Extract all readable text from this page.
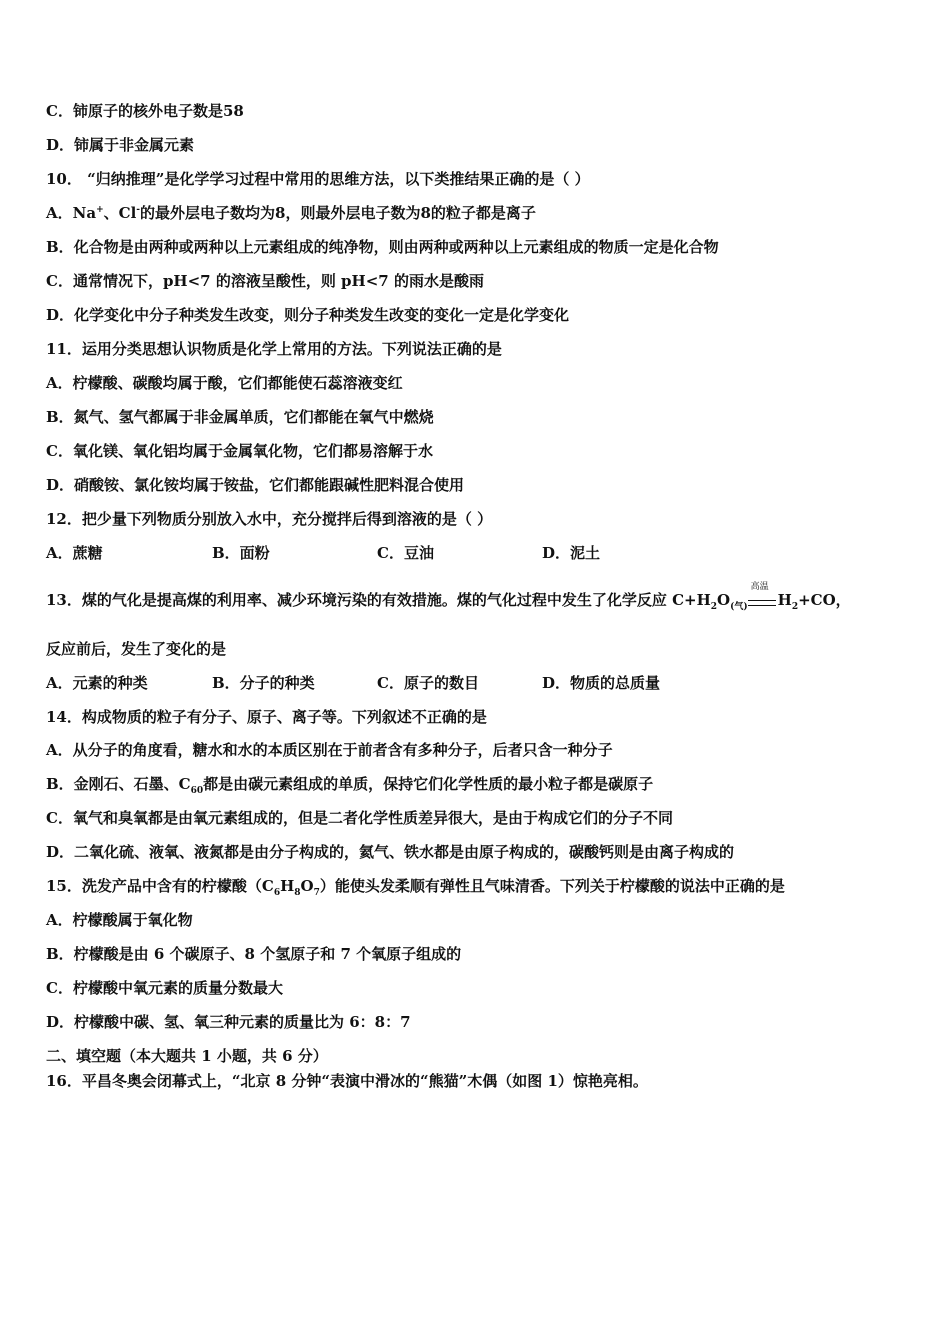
C．铈原子的核外电子数是58
D．铈属于非金属元素
10． “归纳推理”是化学学习过程中常用的思维方法，以下类推结果正确的是（ ）
A．Na+、Cl-的最外层电子数均为8，则最外层电子数为8的粒子都是离子
B．化合物是由两种或两种以上元素组成的纯净物，则由两种或两种以上元素组成的物质一定是化合物
C．通常情况下，pH<7 的溶液呈酸性，则 pH<7 的雨水是酸雨
D．化学变化中分子种类发生改变，则分子种类发生改变的变化一定是化学变化
11．运用分类思想认识物质是化学上常用的方法。下列说法正确的是
A．柠檬酸、碳酸均属于酸，它们都能使石蕊溶液变红
B．氮气、氢气都属于非金属单质，它们都能在氧气中燃烧
C．氧化镁、氧化铝均属于金属氧化物，它们都易溶解于水
D．硝酸铵、氯化铵均属于铵盐，它们都能跟碱性肥料混合使用
12．把少量下列物质分别放入水中，充分搅拌后得到溶液的是（ ）
A．蔗糖	B．面粉	C．豆油	D．泥土
13．煤的气化是提高煤的利用率、减少环境污染的有效措施。煤的气化过程中发生了化学反应 $C+H_2O_{(气)}$
高温
$H_2+CO$，
反应前后，发生了变化的是
A．元素的种类	B．分子的种类	C．原子的数目	D．物质的总质量
14．构成物质的粒子有分子、原子、离子等。下列叙述不正确的是
A．从分子的角度看，糖水和水的本质区别在于前者含有多种分子，后者只含一种分子
B．金刚石、石墨、$C_{60}$都是由碳元素组成的单质，保持它们化学性质的最小粒子都是碳原子
C．氧气和臭氧都是由氧元素组成的，但是二者化学性质差异很大，是由于构成它们的分子不同
D．二氧化硫、液氧、液氮都是由分子构成的，氦气、铁水都是由原子构成的，碳酸钙则是由离子构成的
15．洗发产品中含有的柠檬酸$(C_6H_8O_7)$能使头发柔顺有弹性且气味清香。下列关于柠檬酸的说法中正确的是
A．柠檬酸属于氧化物
B．柠檬酸是由 6 个碳原子、8 个氢原子和 7 个氧原子组成的
C．柠檬酸中氧元素的质量分数最大
D．柠檬酸中碳、氢、氧三种元素的质量比为 6：8：7
二、填空题（本大题共 1 小题，共 6 分）
16．平昌冬奥会闭幕式上，“北京 8 分钟“表演中滑冰的“熊猫”木偶（如图 1）惊艳亮相。
